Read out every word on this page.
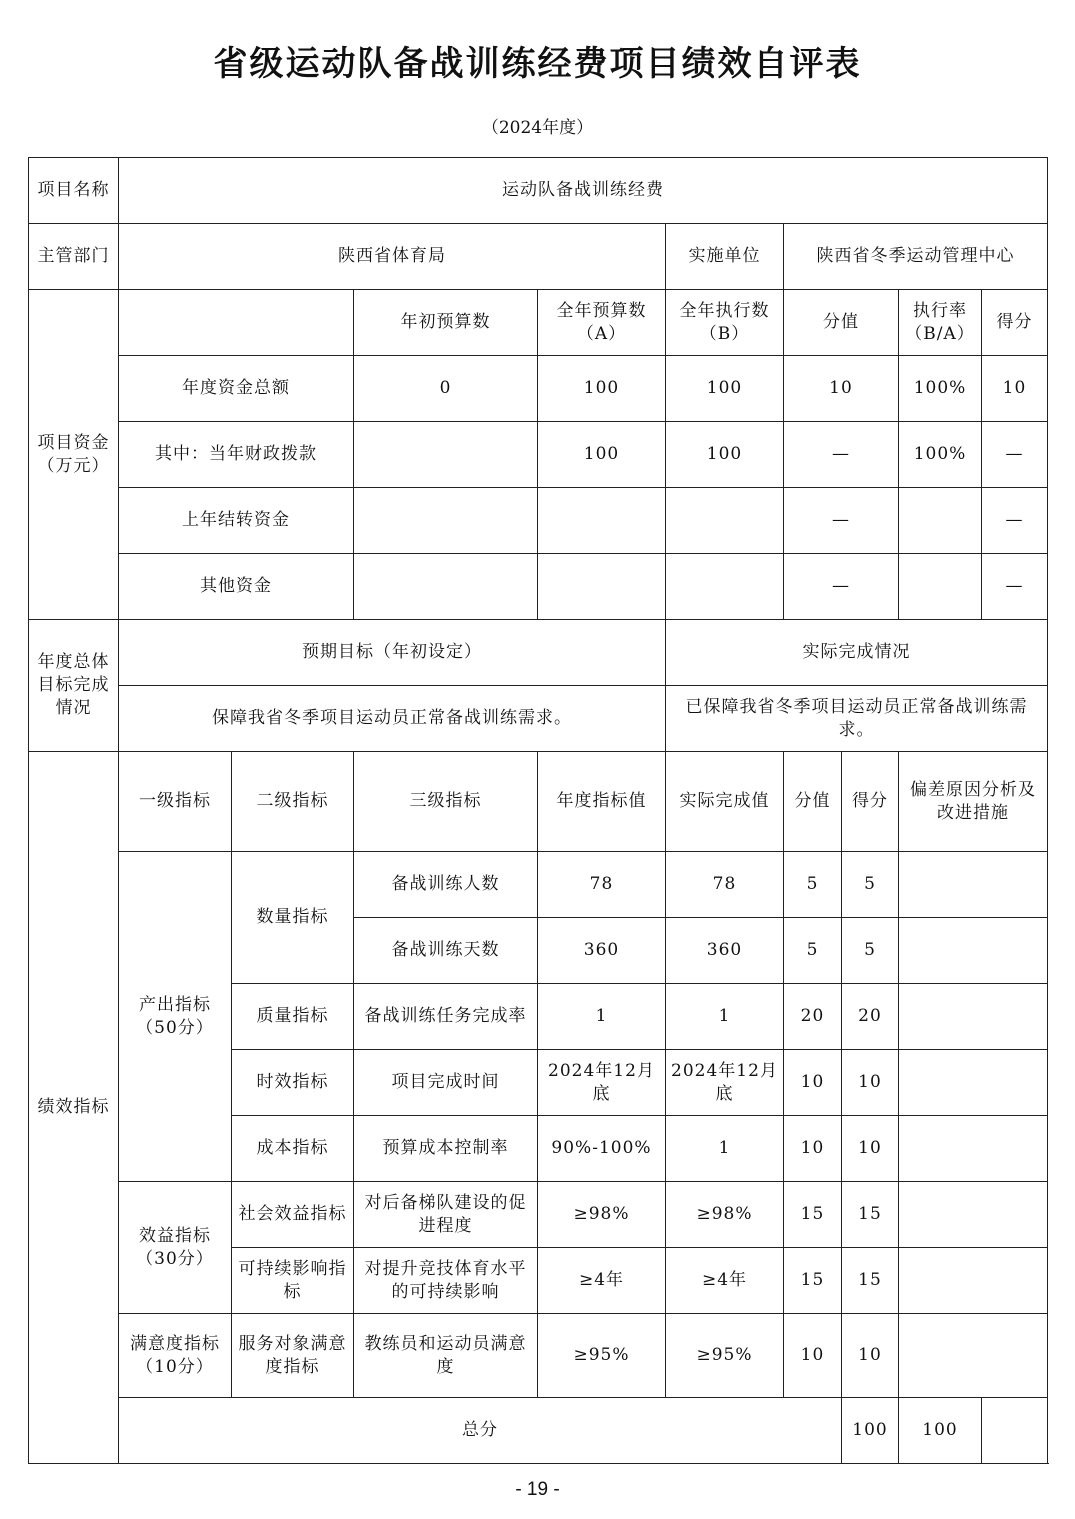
省级运动队备战训练经费项目绩效自评表
（2024年度）
项目名称	运动队备战训练经费								
主管部门	陕西省体育局				实施单位	陕西省冬季运动管理中心			
项目资金（万元）			年初预算数	全年预算数（A）	全年执行数（B）	分值		执行率（B/A）	得分
	年度资金总额		0	100	100	10		100%	10
	其中：当年财政拨款			100	100	—		100%	—
	上年结转资金					—			—
	其他资金					—			—
年度总体目标完成情况	预期目标（年初设定）				实际完成情况				
	保障我省冬季项目运动员正常备战训练需求。				已保障我省冬季项目运动员正常备战训练需求。				
绩效指标	一级指标	二级指标	三级指标	年度指标值	实际完成值	分值	得分	偏差原因分析及改进措施	
	产出指标（50分）	数量指标	备战训练人数	78	78	5	5		
			备战训练天数	360	360	5	5		
		质量指标	备战训练任务完成率	1	1	20	20		
		时效指标	项目完成时间	2024年12月底	2024年12月底	10	10		
		成本指标	预算成本控制率	90%-100%	1	10	10		
	效益指标（30分）	社会效益指标	对后备梯队建设的促进程度	≥98%	≥98%	15	15		
		可持续影响指标	对提升竞技体育水平的可持续影响	≥4年	≥4年	15	15		
	满意度指标（10分）	服务对象满意度指标	教练员和运动员满意度	≥95%	≥95%	10	10		
	总分						100	100	
- 19 -
